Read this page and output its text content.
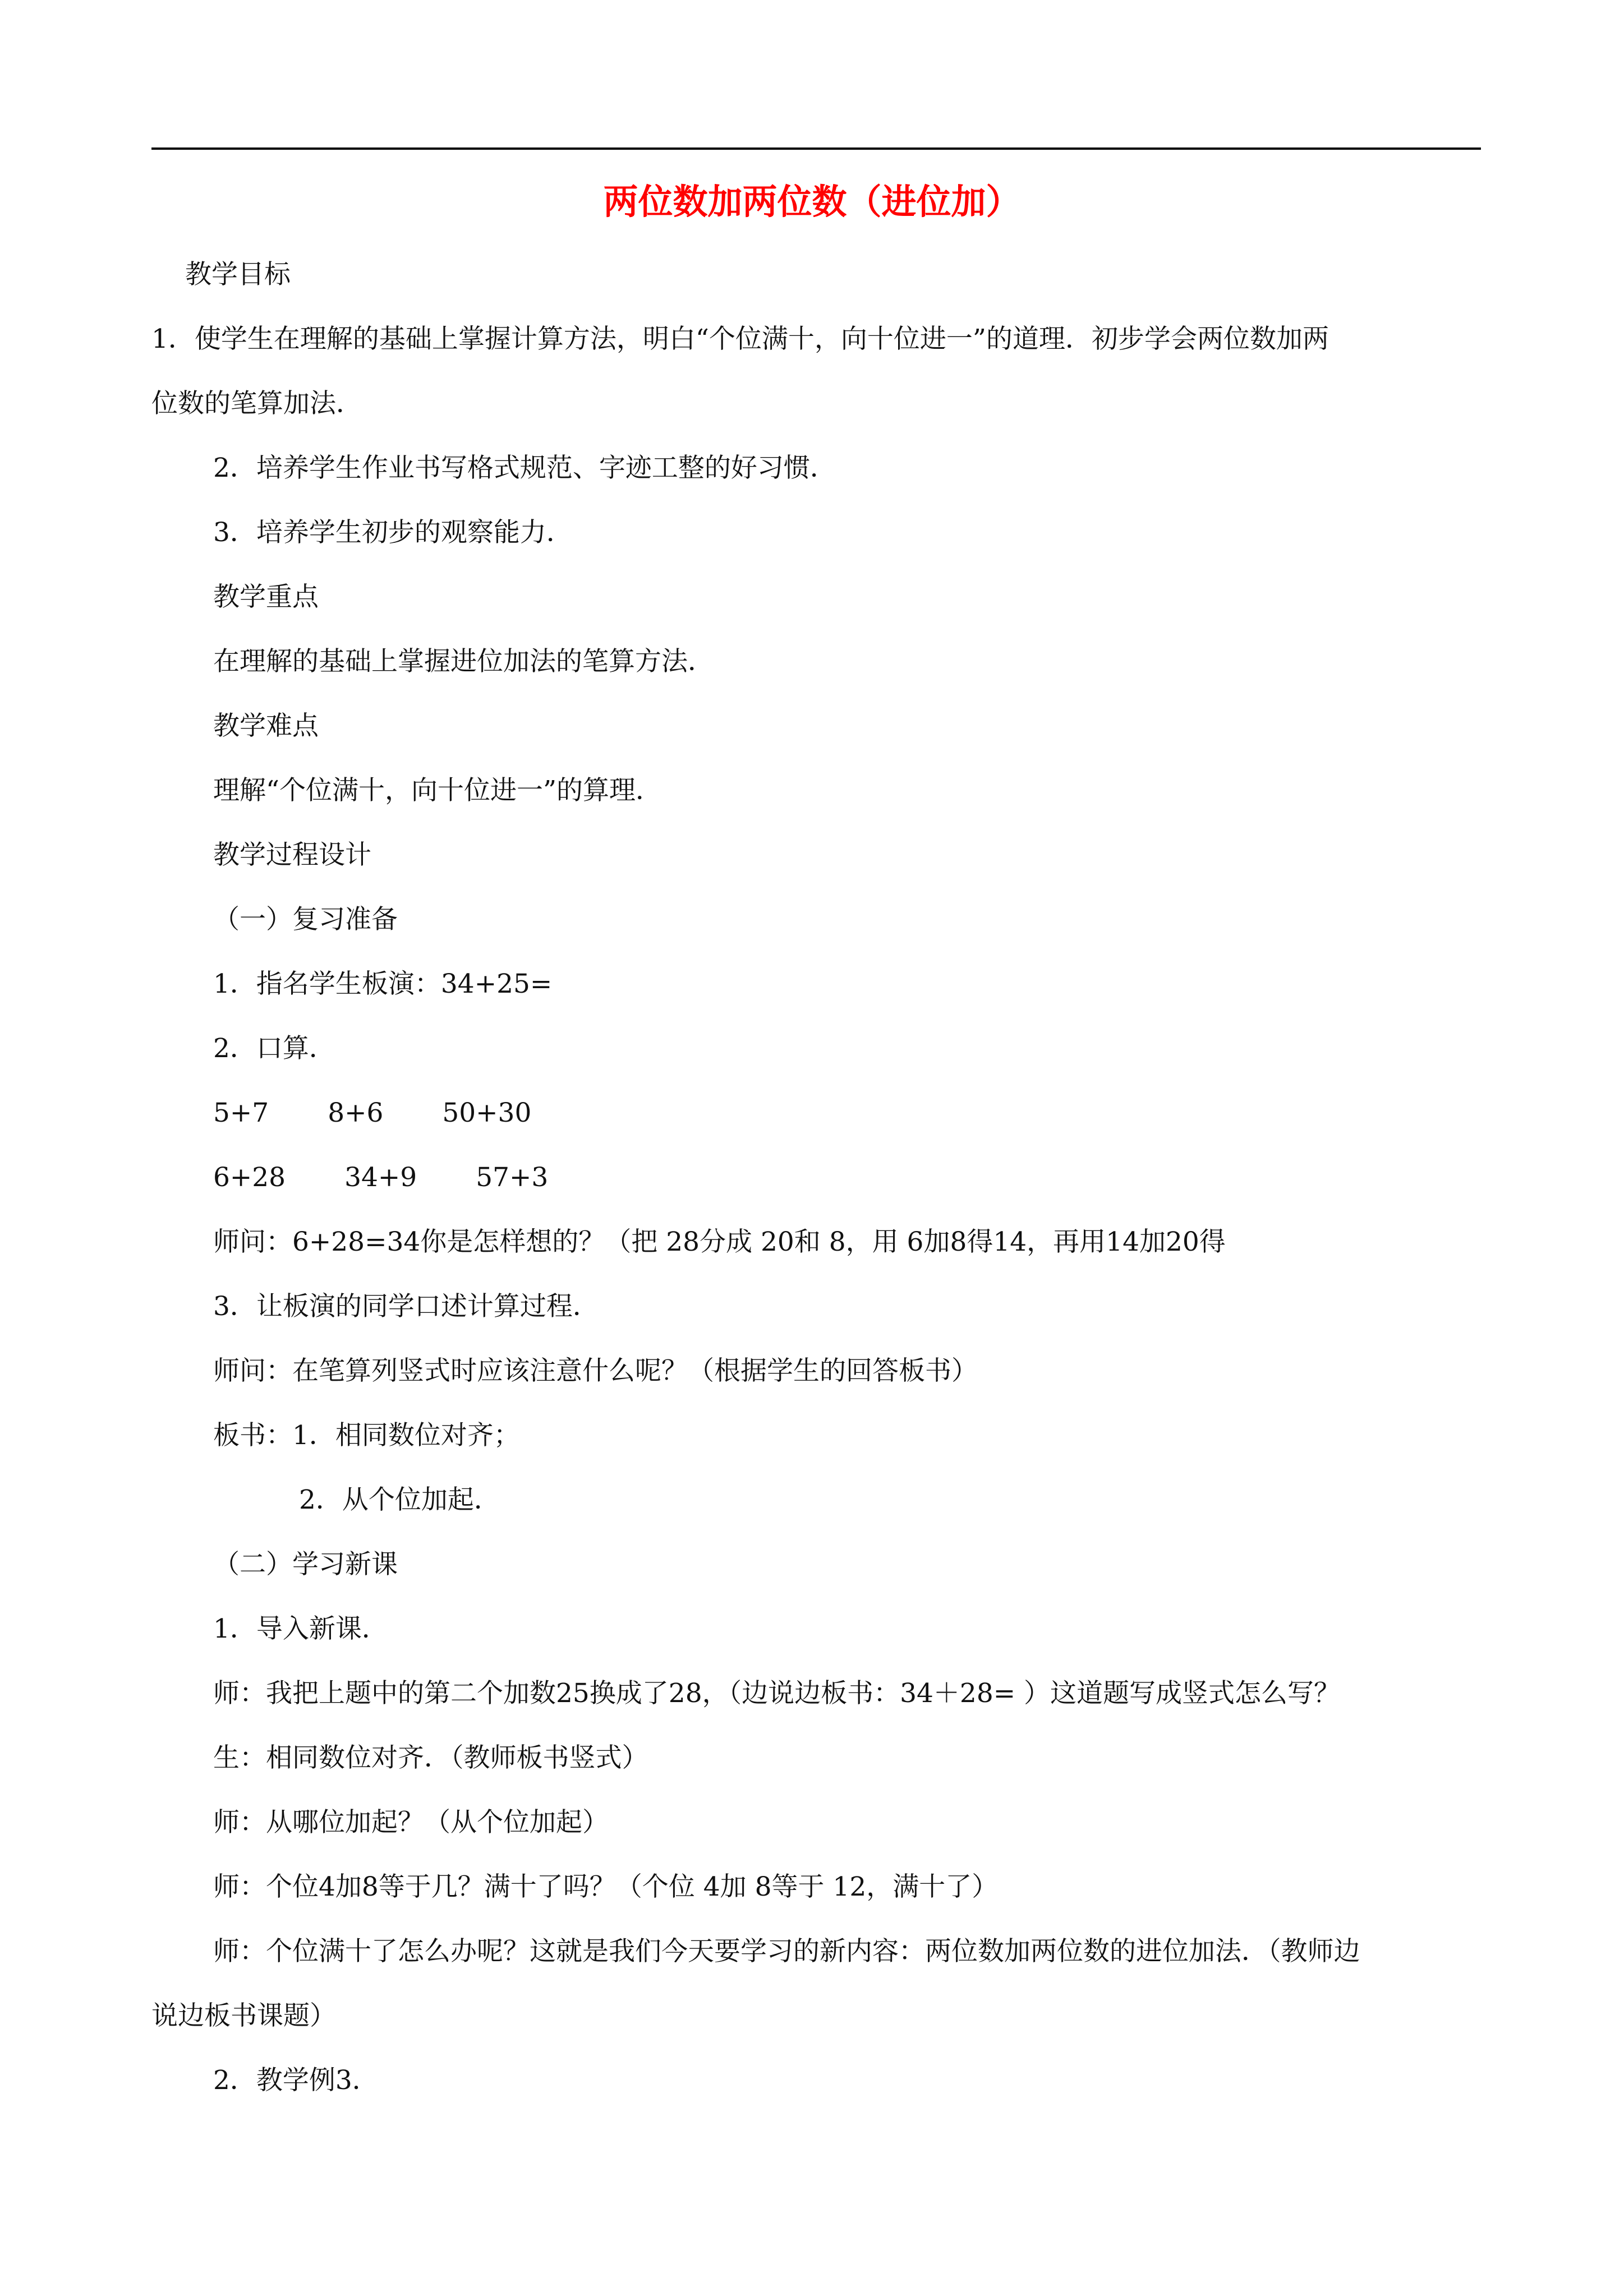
两位数加两位数（进位加）
教学目标
1．使学生在理解的基础上掌握计算方法，明白“个位满十，向十位进一”的道理．初步学会两位数加两
位数的笔算加法．
2．培养学生作业书写格式规范、字迹工整的好习惯．
3．培养学生初步的观察能力．
教学重点
在理解的基础上掌握进位加法的笔算方法．
教学难点
理解“个位满十，向十位进一”的算理．
教学过程设计
（一）复习准备
1．指名学生板演：34+25=
2．口算．
5+7 8+6 50+30
6+28 34+9 57+3
师问：6+28=34你是怎样想的？（把 28分成 20和 8，用 6加8得14，再用14加20得
3．让板演的同学口述计算过程．
师问：在笔算列竖式时应该注意什么呢？（根据学生的回答板书）
板书：1．相同数位对齐；
2．从个位加起．
（二）学习新课
1．导入新课．
师：我把上题中的第二个加数25换成了28，（边说边板书：34＋28= ）这道题写成竖式怎么写？
生：相同数位对齐．（教师板书竖式）
师：从哪位加起？（从个位加起）
师：个位4加8等于几？满十了吗？（个位 4加 8等于 12，满十了）
师：个位满十了怎么办呢？这就是我们今天要学习的新内容：两位数加两位数的进位加法．（教师边
说边板书课题）
2．教学例3．
